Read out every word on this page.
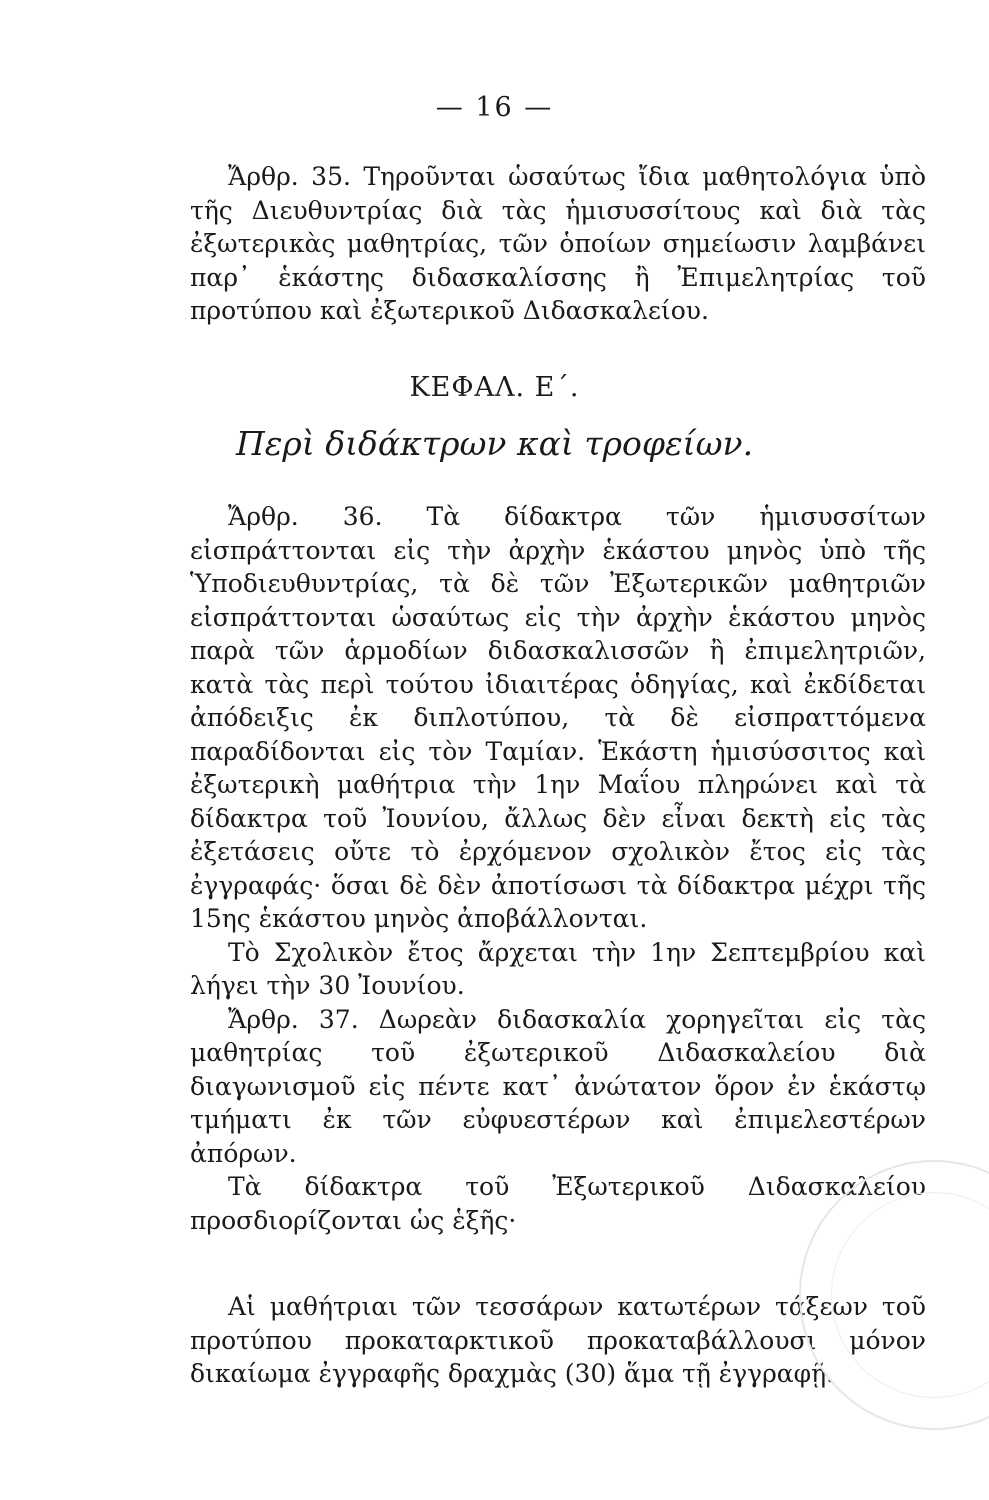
— 16 —

Ἄρθρ. 35. Τηροῦνται ὡσαύτως ἴδια μαθητολόγια ὑπὸ τῆς Διευθυντρίας διὰ τὰς ἡμισυσσίτους καὶ διὰ τὰς ἐξωτερικὰς μαθητρίας, τῶν ὁποίων σημείωσιν λαμβάνει παρ᾽ ἑκάστης διδασκαλίσσης ἢ Ἐπιμελητρίας τοῦ προτύπου καὶ ἐξωτερικοῦ Διδασκαλείου.

ΚΕΦΑΛ. Ε΄.
Περὶ διδάκτρων καὶ τροφείων.

Ἄρθρ. 36. Τὰ δίδακτρα τῶν ἡμισυσσίτων εἰσπράττονται εἰς τὴν ἀρχὴν ἑκάστου μηνὸς ὑπὸ τῆς Ὑποδιευθυντρίας, τὰ δὲ τῶν Ἐξωτερικῶν μαθητριῶν εἰσπράττονται ὡσαύτως εἰς τὴν ἀρχὴν ἑκάστου μηνὸς παρὰ τῶν ἁρμοδίων διδασκαλισσῶν ἢ ἐπιμελητριῶν, κατὰ τὰς περὶ τούτου ἰδιαιτέρας ὁδηγίας, καὶ ἐκδίδεται ἀπόδειξις ἐκ διπλοτύπου, τὰ δὲ εἰσπραττόμενα παραδίδονται εἰς τὸν Ταμίαν. Ἑκάστη ἡμισύσσιτος καὶ ἐξωτερικὴ μαθήτρια τὴν 1ην Μαΐου πληρώνει καὶ τὰ δίδακτρα τοῦ Ἰουνίου, ἄλλως δὲν εἶναι δεκτὴ εἰς τὰς ἐξετάσεις οὔτε τὸ ἐρχόμενον σχολικὸν ἔτος εἰς τὰς ἐγγραφάς· ὅσαι δὲ δὲν ἀποτίσωσι τὰ δίδακτρα μέχρι τῆς 15ης ἑκάστου μηνὸς ἀποβάλλονται.

Τὸ Σχολικὸν ἔτος ἄρχεται τὴν 1ην Σεπτεμβρίου καὶ λήγει τὴν 30 Ἰουνίου.

Ἄρθρ. 37. Δωρεὰν διδασκαλία χορηγεῖται εἰς τὰς μαθητρίας τοῦ ἐξωτερικοῦ Διδασκαλείου διὰ διαγωνισμοῦ εἰς πέντε κατ᾽ ἀνώτατον ὅρον ἐν ἑκάστῳ τμήματι ἐκ τῶν εὐφυεστέρων καὶ ἐπιμελεστέρων ἀπόρων.

Τὰ δίδακτρα τοῦ Ἐξωτερικοῦ Διδασκαλείου προσδιορίζονται ὡς ἑξῆς·

Αἱ μαθήτριαι τῶν τεσσάρων κατωτέρων τάξεων τοῦ προτύπου προκαταρκτικοῦ προκαταβάλλουσι μόνον δικαίωμα ἐγγραφῆς δραχμὰς (30) ἅμα τῇ ἐγγραφῇ.
